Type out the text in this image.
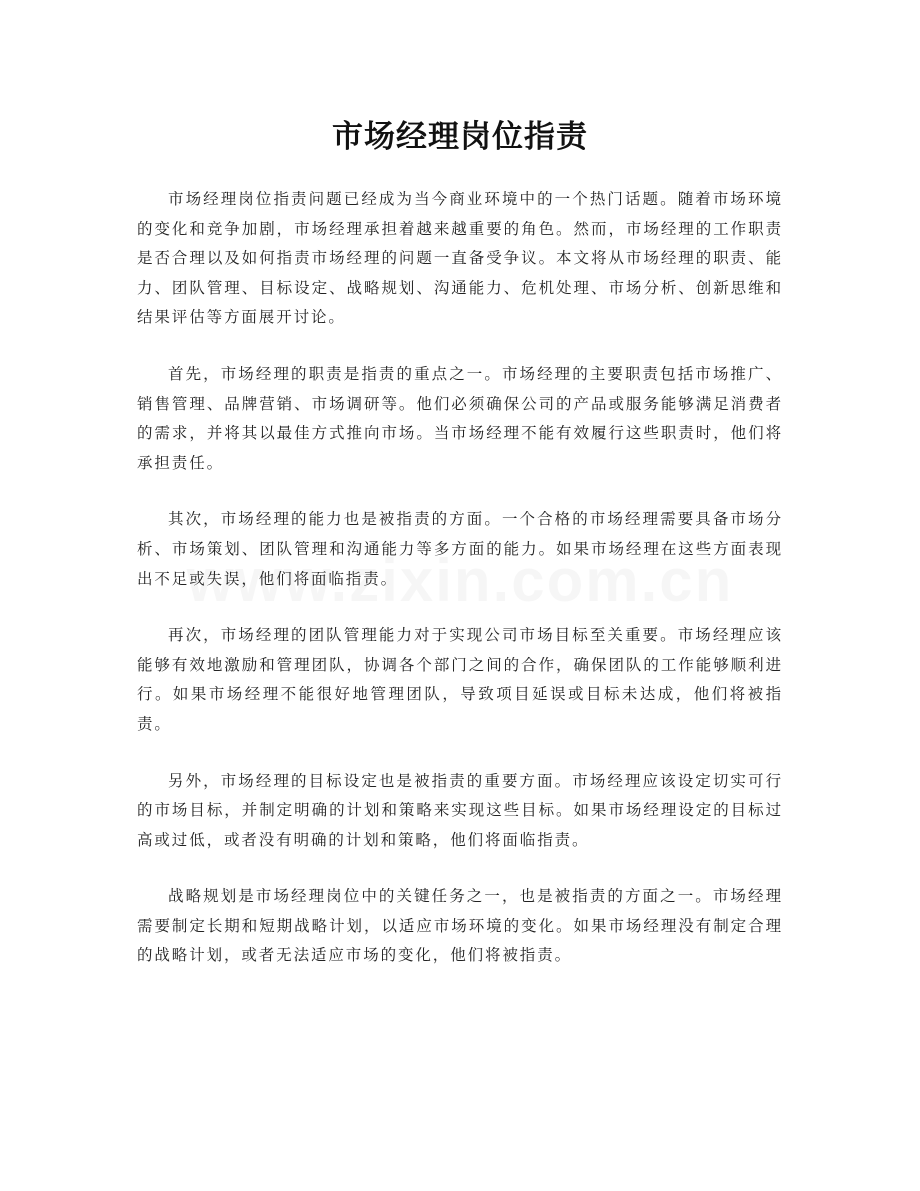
市场经理岗位指责

市场经理岗位指责问题已经成为当今商业环境中的一个热门话题。随着市场环境的变化和竞争加剧，市场经理承担着越来越重要的角色。然而，市场经理的工作职责是否合理以及如何指责市场经理的问题一直备受争议。本文将从市场经理的职责、能力、团队管理、目标设定、战略规划、沟通能力、危机处理、市场分析、创新思维和结果评估等方面展开讨论。

首先，市场经理的职责是指责的重点之一。市场经理的主要职责包括市场推广、销售管理、品牌营销、市场调研等。他们必须确保公司的产品或服务能够满足消费者的需求，并将其以最佳方式推向市场。当市场经理不能有效履行这些职责时，他们将承担责任。

其次，市场经理的能力也是被指责的方面。一个合格的市场经理需要具备市场分析、市场策划、团队管理和沟通能力等多方面的能力。如果市场经理在这些方面表现出不足或失误，他们将面临指责。

再次，市场经理的团队管理能力对于实现公司市场目标至关重要。市场经理应该能够有效地激励和管理团队，协调各个部门之间的合作，确保团队的工作能够顺利进行。如果市场经理不能很好地管理团队，导致项目延误或目标未达成，他们将被指责。

另外，市场经理的目标设定也是被指责的重要方面。市场经理应该设定切实可行的市场目标，并制定明确的计划和策略来实现这些目标。如果市场经理设定的目标过高或过低，或者没有明确的计划和策略，他们将面临指责。

战略规划是市场经理岗位中的关键任务之一，也是被指责的方面之一。市场经理需要制定长期和短期战略计划，以适应市场环境的变化。如果市场经理没有制定合理的战略计划，或者无法适应市场的变化，他们将被指责。
